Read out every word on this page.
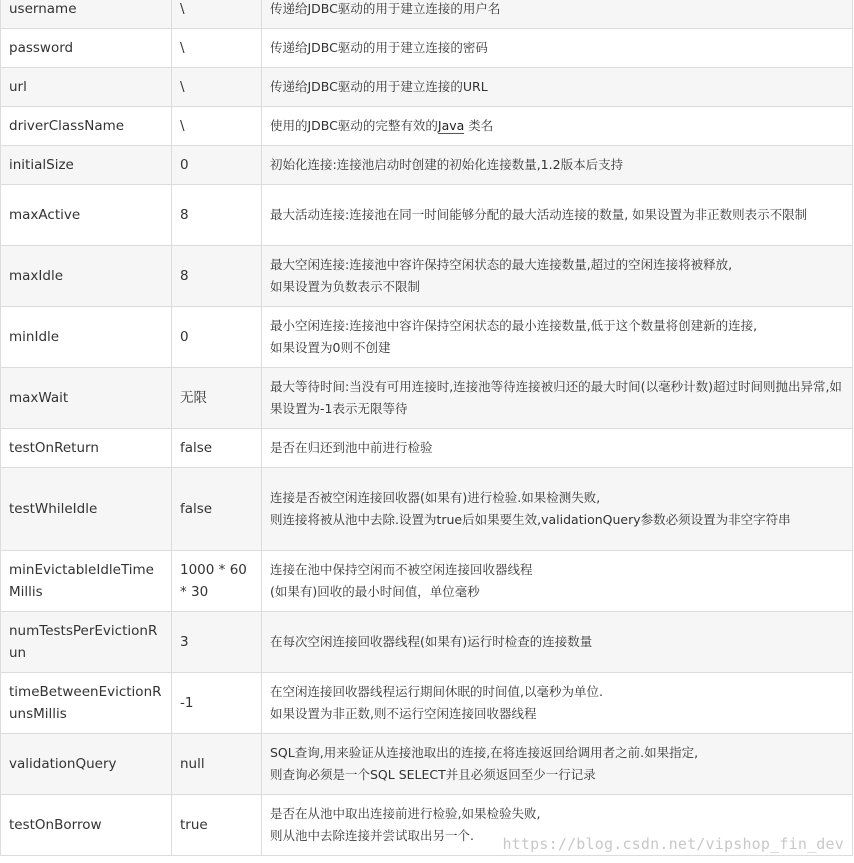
username	\	传递给JDBC驱动的用于建立连接的用户名
password	\	传递给JDBC驱动的用于建立连接的密码
url	\	传递给JDBC驱动的用于建立连接的URL
driverClassName	\	使用的JDBC驱动的完整有效的Java 类名
initialSize	0	初始化连接:连接池启动时创建的初始化连接数量,1.2版本后支持
maxActive	8	最大活动连接:连接池在同一时间能够分配的最大活动连接的数量, 如果设置为非正数则表示不限制
maxIdle	8	最大空闲连接:连接池中容许保持空闲状态的最大连接数量,超过的空闲连接将被释放,
如果设置为负数表示不限制
minIdle	0	最小空闲连接:连接池中容许保持空闲状态的最小连接数量,低于这个数量将创建新的连接,
如果设置为0则不创建
maxWait	无限	最大等待时间:当没有可用连接时,连接池等待连接被归还的最大时间(以毫秒计数)超过时间则抛出异常,如果设置为-1表示无限等待
testOnReturn	false	是否在归还到池中前进行检验
testWhileIdle	false	连接是否被空闲连接回收器(如果有)进行检验.如果检测失败,
则连接将被从池中去除.设置为true后如果要生效,validationQuery参数必须设置为非空字符串
minEvictableIdleTimeMillis	1000 * 60 * 30	连接在池中保持空闲而不被空闲连接回收器线程
(如果有)回收的最小时间值，单位毫秒
numTestsPerEvictionRun	3	在每次空闲连接回收器线程(如果有)运行时检查的连接数量
timeBetweenEvictionRunsMillis	-1	在空闲连接回收器线程运行期间休眠的时间值,以毫秒为单位.
如果设置为非正数,则不运行空闲连接回收器线程
validationQuery	null	SQL查询,用来验证从连接池取出的连接,在将连接返回给调用者之前.如果指定,
则查询必须是一个SQL SELECT并且必须返回至少一行记录
testOnBorrow	true	是否在从池中取出连接前进行检验,如果检验失败,
则从池中去除连接并尝试取出另一个. https://blog.csdn.net/vipshop_fin_dev
